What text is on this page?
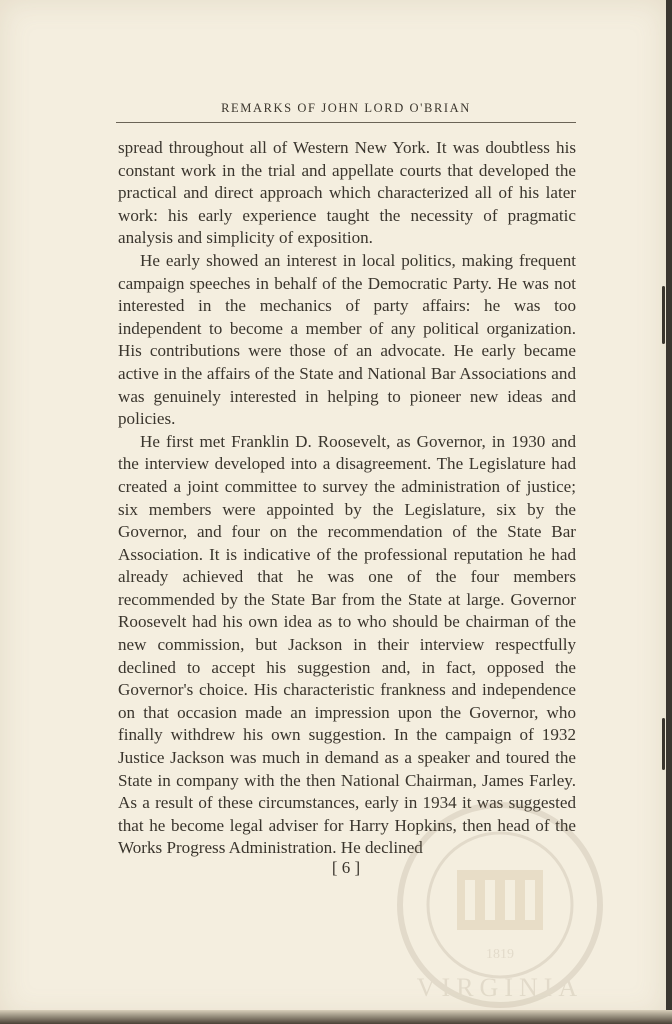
REMARKS OF JOHN LORD O'BRIAN

spread throughout all of Western New York. It was doubtless his constant work in the trial and appellate courts that developed the practical and direct approach which characterized all of his later work: his early experience taught the necessity of pragmatic analysis and simplicity of exposition.

He early showed an interest in local politics, making frequent campaign speeches in behalf of the Democratic Party. He was not interested in the mechanics of party affairs: he was too independent to become a member of any political organization. His contributions were those of an advocate. He early became active in the affairs of the State and National Bar Associations and was genuinely interested in helping to pioneer new ideas and policies.

He first met Franklin D. Roosevelt, as Governor, in 1930 and the interview developed into a disagreement. The Legislature had created a joint committee to survey the administration of justice; six members were appointed by the Legislature, six by the Governor, and four on the recommendation of the State Bar Association. It is indicative of the professional reputation he had already achieved that he was one of the four members recommended by the State Bar from the State at large. Governor Roosevelt had his own idea as to who should be chairman of the new commission, but Jackson in their interview respectfully declined to accept his suggestion and, in fact, opposed the Governor's choice. His characteristic frankness and independence on that occasion made an impression upon the Governor, who finally withdrew his own suggestion. In the campaign of 1932 Justice Jackson was much in demand as a speaker and toured the State in company with the then National Chairman, James Farley. As a result of these circumstances, early in 1934 it was suggested that he become legal adviser for Harry Hopkins, then head of the Works Progress Administration. He declined

[ 6 ]
1819
VIRGINIA
